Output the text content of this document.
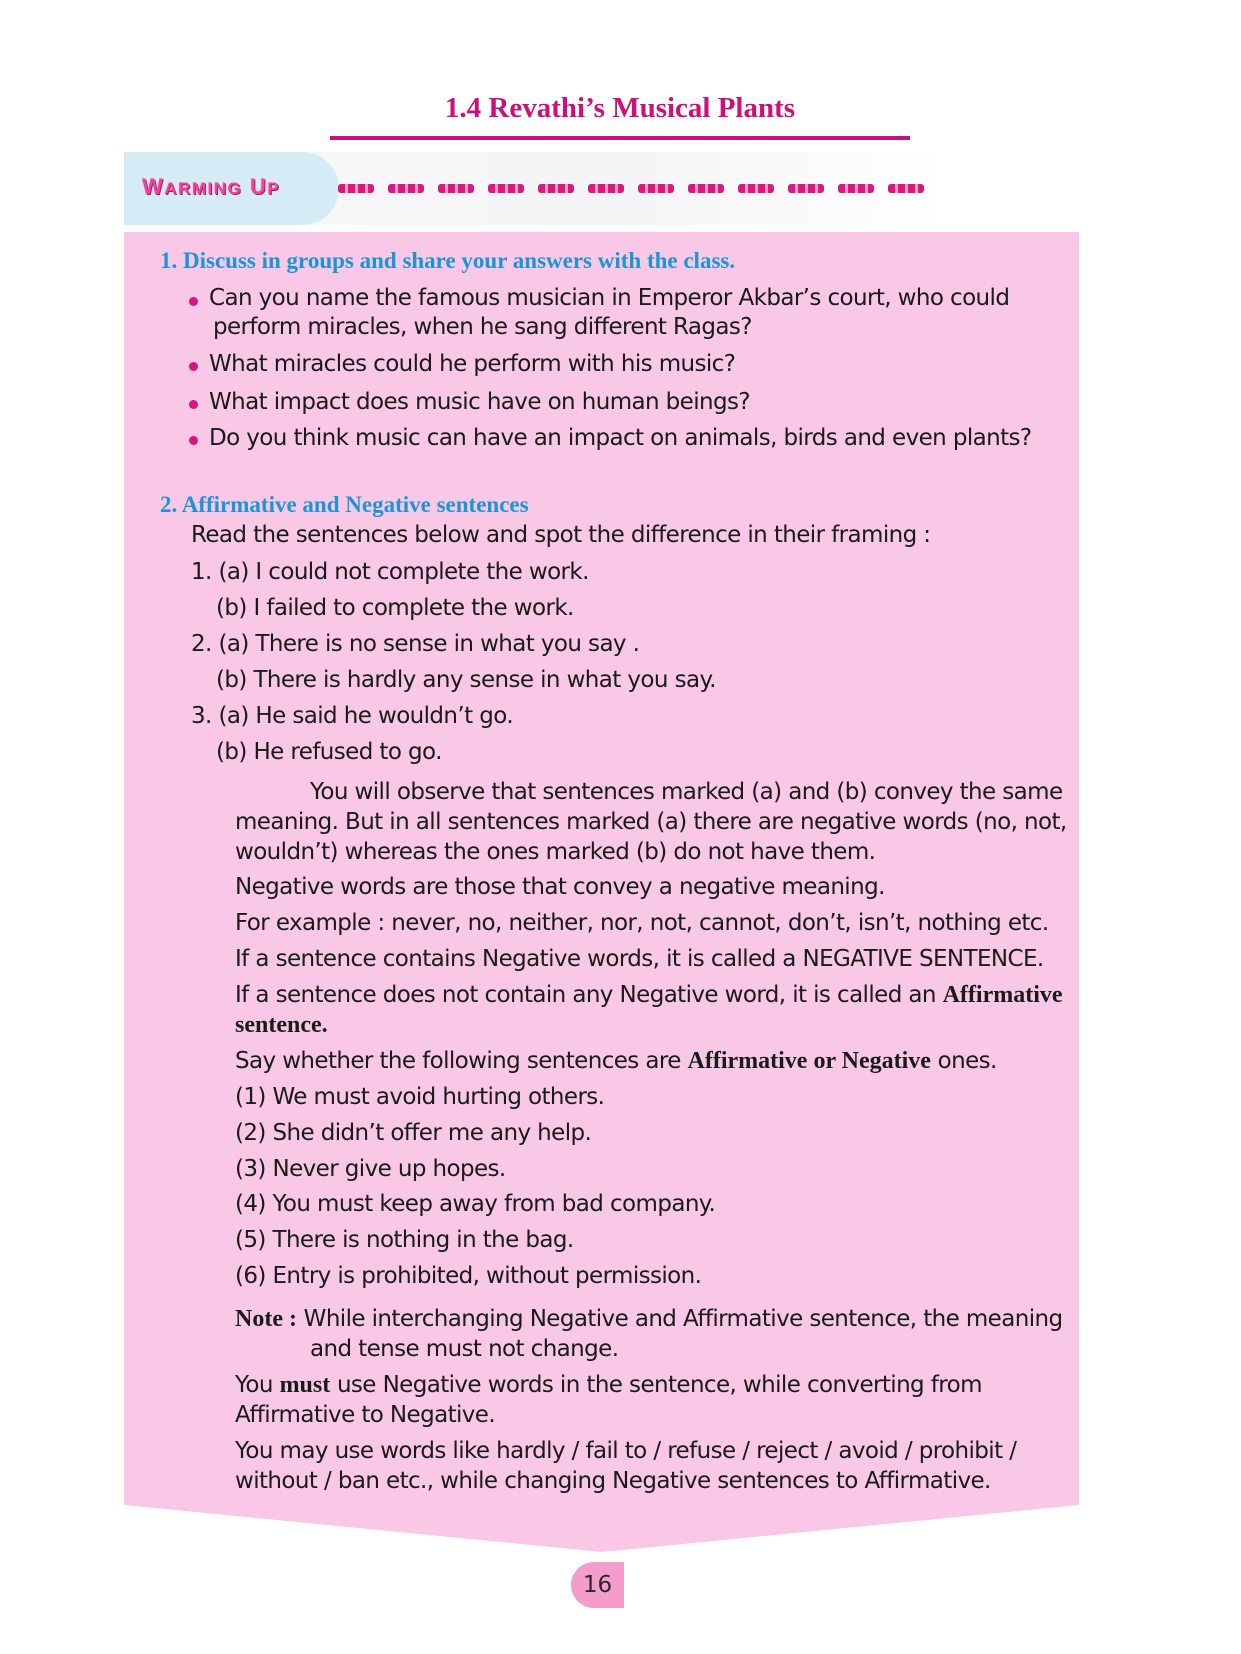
1.4 Revathi’s Musical Plants
WARMING UP
1. Discuss in groups and share your answers with the class.
Can you name the famous musician in Emperor Akbar’s court, who could
perform miracles, when he sang different Ragas?
What miracles could he perform with his music?
What impact does music have on human beings?
Do you think music can have an impact on animals, birds and even plants?
2. Affirmative and Negative sentences
Read the sentences below and spot the difference in their framing :
1. (a) I could not complete the work.
(b) I failed to complete the work.
2. (a) There is no sense in what you say .
(b) There is hardly any sense in what you say.
3. (a) He said he wouldn’t go.
(b) He refused to go.
You will observe that sentences marked (a) and (b) convey the same
meaning. But in all sentences marked (a) there are negative words (no, not,
wouldn’t) whereas the ones marked (b) do not have them.
Negative words are those that convey a negative meaning.
For example : never, no, neither, nor, not, cannot, don’t, isn’t, nothing etc.
If a sentence contains Negative words, it is called a NEGATIVE SENTENCE.
If a sentence does not contain any Negative word, it is called an Affirmative
sentence.
Say whether the following sentences are Affirmative or Negative ones.
(1) We must avoid hurting others.
(2) She didn’t offer me any help.
(3) Never give up hopes.
(4) You must keep away from bad company.
(5) There is nothing in the bag.
(6) Entry is prohibited, without permission.
Note : While interchanging Negative and Affirmative sentence, the meaning
and tense must not change.
You must use Negative words in the sentence, while converting from
Affirmative to Negative.
You may use words like hardly / fail to / refuse / reject / avoid / prohibit /
without / ban etc., while changing Negative sentences to Affirmative.
16
